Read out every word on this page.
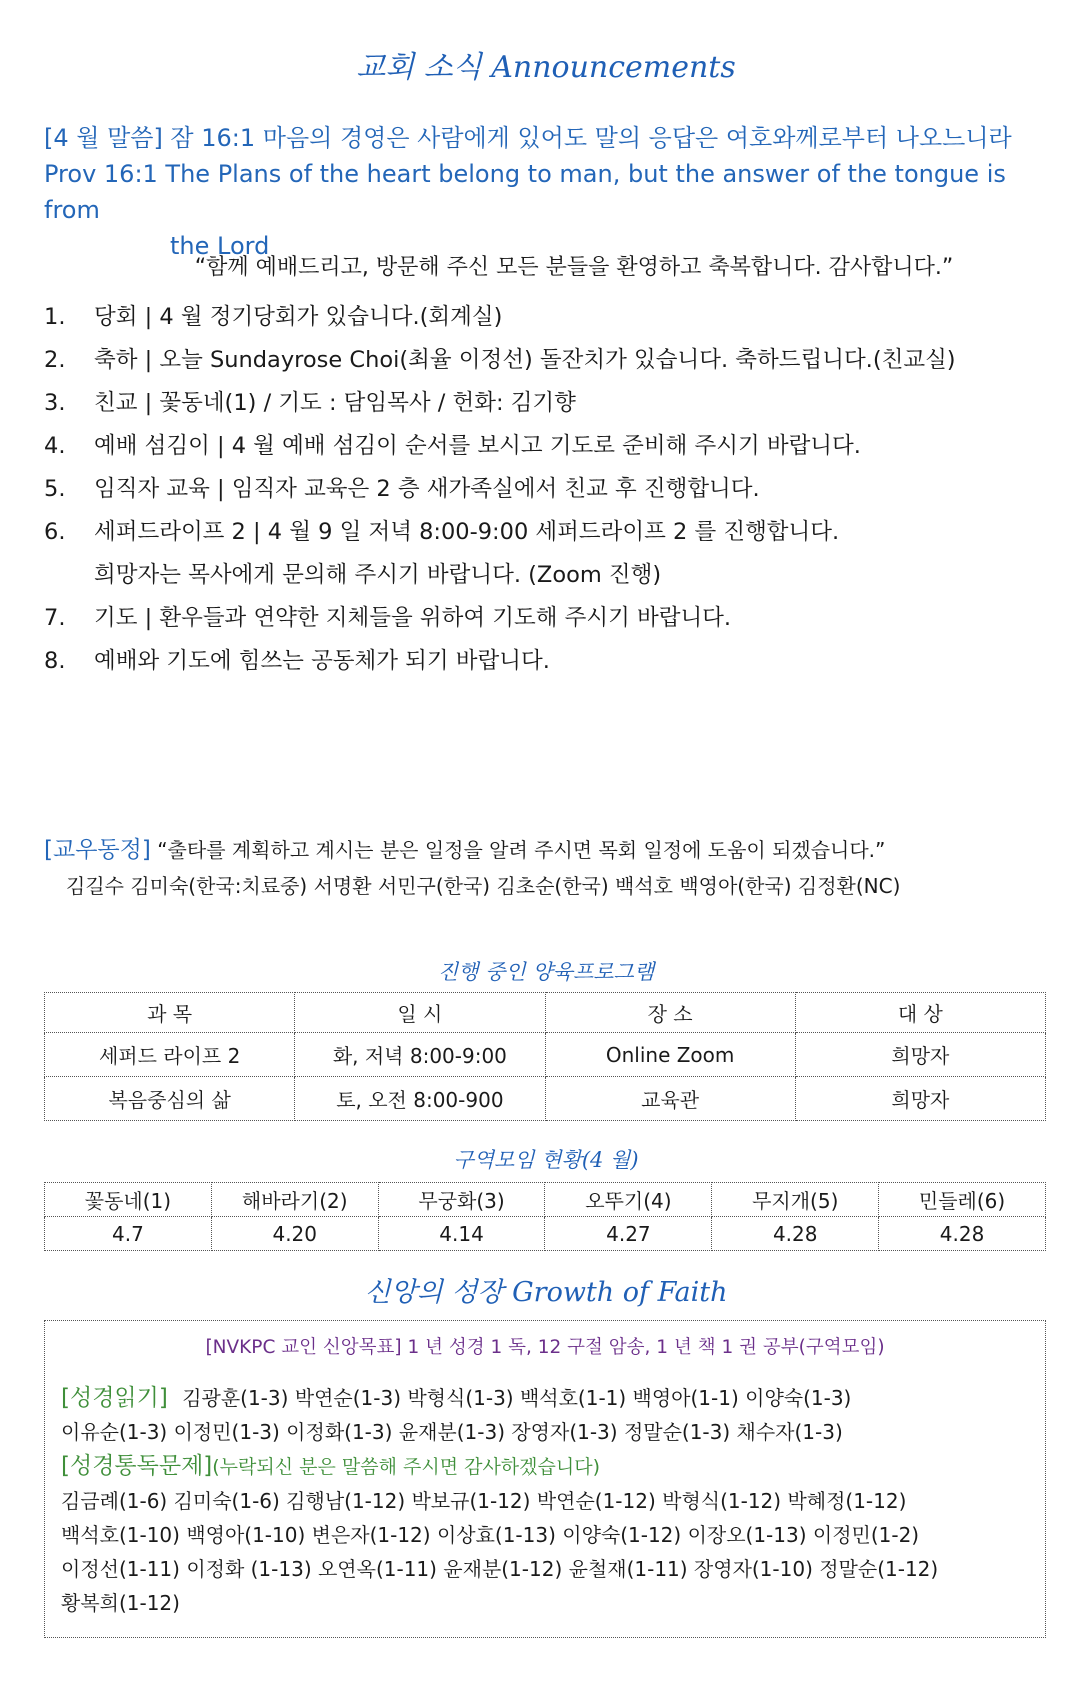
교회 소식 Announcements
[4 월 말씀] 잠 16:1 마음의 경영은 사람에게 있어도 말의 응답은 여호와께로부터 나오느니라
Prov 16:1 The Plans of the heart belong to man, but the answer of the tongue is from
the Lord
“함께 예배드리고, 방문해 주신 모든 분들을 환영하고 축복합니다. 감사합니다.”
1.	당회 | 4 월 정기당회가 있습니다.(회계실)
2.	축하 | 오늘 Sundayrose Choi(최율 이정선) 돌잔치가 있습니다. 축하드립니다.(친교실)
3.	친교 | 꽃동네(1) / 기도 : 담임목사 / 헌화: 김기향
4.	예배 섬김이 | 4 월 예배 섬김이 순서를 보시고 기도로 준비해 주시기 바랍니다.
5.	임직자 교육 | 임직자 교육은 2 층 새가족실에서 친교 후 진행합니다.
6.	세퍼드라이프 2 | 4 월 9 일 저녁 8:00-9:00 세퍼드라이프 2 를 진행합니다.
희망자는 목사에게 문의해 주시기 바랍니다. (Zoom 진행)
7.	기도 | 환우들과 연약한 지체들을 위하여 기도해 주시기 바랍니다.
8.	예배와 기도에 힘쓰는 공동체가 되기 바랍니다.
[교우동정] “출타를 계획하고 계시는 분은 일정을 알려 주시면 목회 일정에 도움이 되겠습니다.”
김길수 김미숙(한국:치료중) 서명환 서민구(한국) 김초순(한국) 백석호 백영아(한국) 김정환(NC)
진행 중인 양육프로그램
과 목	일 시	장 소	대 상
세퍼드 라이프 2	화, 저녁 8:00-9:00	Online Zoom	희망자
복음중심의 삶	토, 오전 8:00-900	교육관	희망자
구역모임 현황(4 월)
꽃동네(1)	해바라기(2)	무궁화(3)	오뚜기(4)	무지개(5)	민들레(6)
4.7	4.20	4.14	4.27	4.28	4.28
신앙의 성장 Growth of Faith
[NVKPC 교인 신앙목표] 1 년 성경 1 독, 12 구절 암송, 1 년 책 1 권 공부(구역모임)
[성경읽기] 김광훈(1-3) 박연순(1-3) 박형식(1-3) 백석호(1-1) 백영아(1-1) 이양숙(1-3)
이유순(1-3) 이정민(1-3) 이정화(1-3) 윤재분(1-3) 장영자(1-3) 정말순(1-3) 채수자(1-3)
[성경통독문제](누락되신 분은 말씀해 주시면 감사하겠습니다)
김금례(1-6) 김미숙(1-6) 김행남(1-12) 박보규(1-12) 박연순(1-12) 박형식(1-12) 박혜정(1-12)
백석호(1-10) 백영아(1-10) 변은자(1-12) 이상효(1-13) 이양숙(1-12) 이장오(1-13) 이정민(1-2)
이정선(1-11) 이정화 (1-13) 오연옥(1-11) 윤재분(1-12) 윤철재(1-11) 장영자(1-10) 정말순(1-12)
황복희(1-12)
